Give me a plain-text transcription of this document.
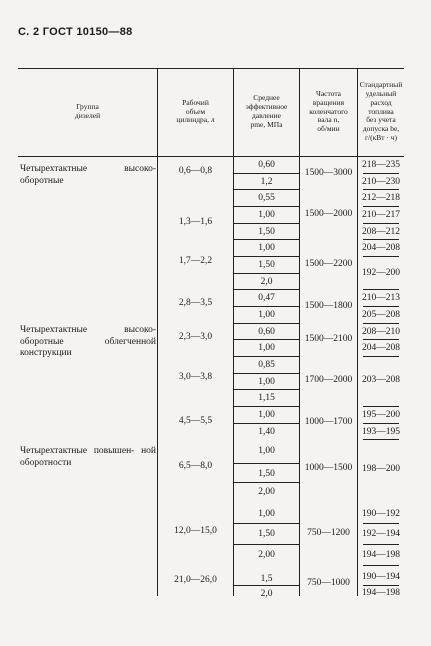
С. 2 ГОСТ 10150—88
Группа
дизелей
Рабочий
объем
цилиндра, л
Среднее
эффективное
давление
pme, МПа
Частота
вращения
коленчатого
вала n,
об/мин
Стандартный
удельный
расход
топлива
без учета
допуска be,
г/(кВт · ч)
Четырехтактные высоко- оборотные
Четырехтактные высоко- оборотные облегченной конструкции
Четырехтактные повышен- ной оборотности
0,6—0,8
1,3—1,6
1,7—2,2
2,8—3,5
2,3—3,0
3,0—3,8
4,5—5,5
6,5—8,0
12,0—15,0
21,0—26,0
0,60
1,2
0,55
1,00
1,50
1,00
1,50
2,0
0,47
1,00
0,60
1,00
0,85
1,00
1,15
1,00
1,40
1,00
1,50
2,00
1,00
1,50
2,00
1,5
2,0
1500—3000
1500—2000
1500—2200
1500—1800
1500—2100
1700—2000
1000—1700
1000—1500
750—1200
750—1000
218—235
210—230
212—218
210—217
208—212
204—208
192—200
210—213
205—208
208—210
204—208
203—208
195—200
193—195
198—200
190—192
192—194
194—198
190—194
194—198
